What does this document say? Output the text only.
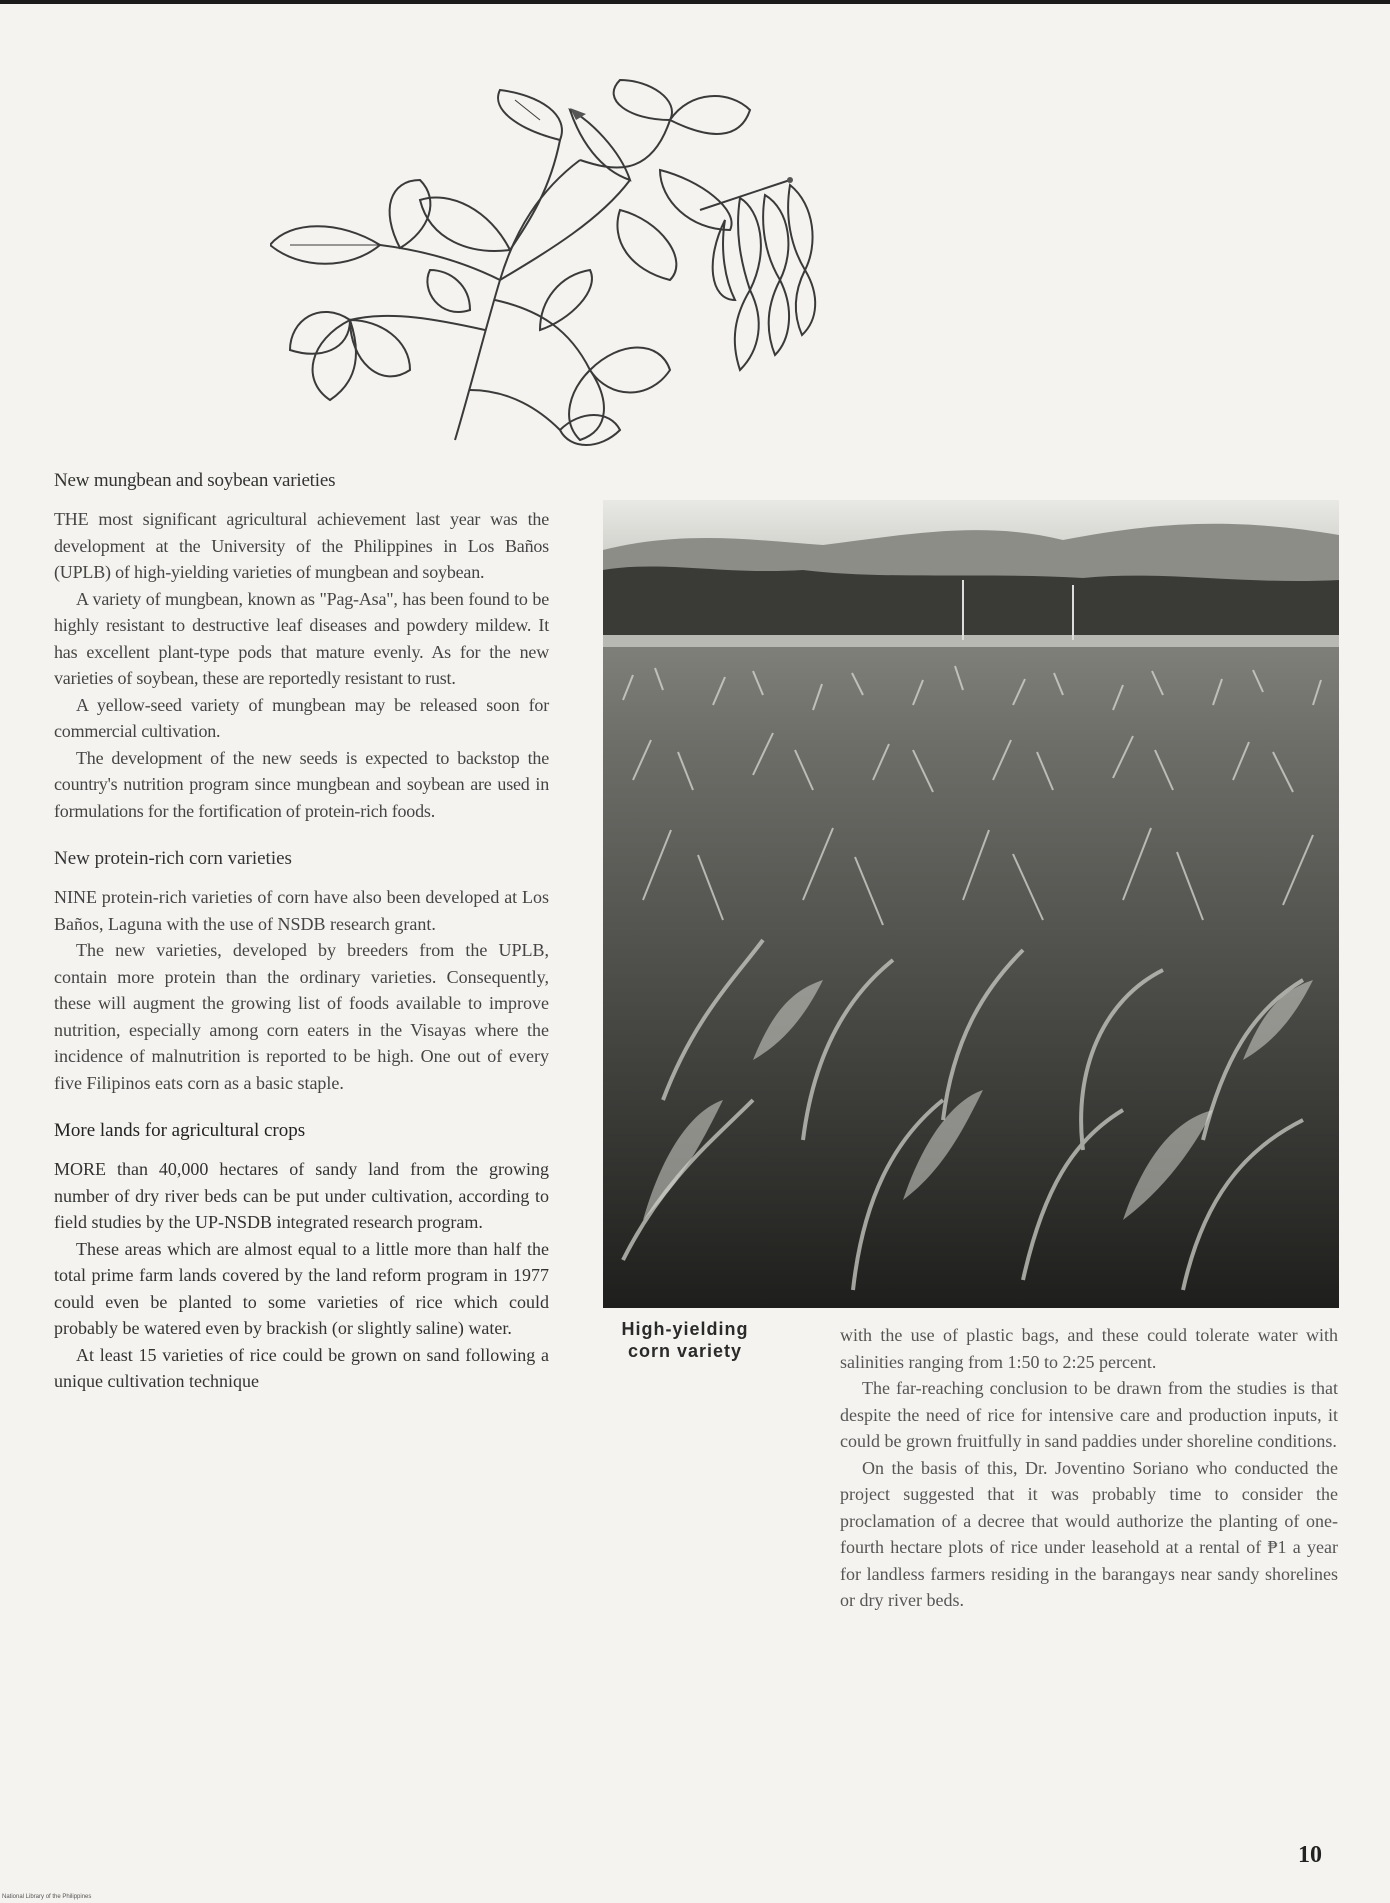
New mungbean and soybean varieties

THE most significant agricultural achievement last year was the development at the University of the Philippines in Los Baños (UPLB) of high-yielding varieties of mungbean and soybean.

A variety of mungbean, known as "Pag-Asa", has been found to be highly resistant to destructive leaf diseases and powdery mildew. It has excellent plant-type pods that mature evenly. As for the new varieties of soybean, these are reportedly resistant to rust.

A yellow-seed variety of mungbean may be released soon for commercial cultivation.

The development of the new seeds is expected to backstop the country's nutrition program since mungbean and soybean are used in formulations for the fortification of protein-rich foods.

New protein-rich corn varieties

NINE protein-rich varieties of corn have also been developed at Los Baños, Laguna with the use of NSDB research grant.

The new varieties, developed by breeders from the UPLB, contain more protein than the ordinary varieties. Consequently, these will augment the growing list of foods available to improve nutrition, especially among corn eaters in the Visayas where the incidence of malnutrition is reported to be high. One out of every five Filipinos eats corn as a basic staple.

More lands for agricultural crops

MORE than 40,000 hectares of sandy land from the growing number of dry river beds can be put under cultivation, according to field studies by the UP-NSDB integrated research program.

These areas which are almost equal to a little more than half the total prime farm lands covered by the land reform program in 1977 could even be planted to some varieties of rice which could probably be watered even by brackish (or slightly saline) water.

At least 15 varieties of rice could be grown on sand following a unique cultivation technique

High-yielding
corn variety

with the use of plastic bags, and these could tolerate water with salinities ranging from 1:50 to 2:25 percent.

The far-reaching conclusion to be drawn from the studies is that despite the need of rice for intensive care and production inputs, it could be grown fruitfully in sand paddies under shoreline conditions.

On the basis of this, Dr. Joventino Soriano who conducted the project suggested that it was probably time to consider the proclamation of a decree that would authorize the planting of one-fourth hectare plots of rice under leasehold at a rental of ₱1 a year for landless farmers residing in the barangays near sandy shorelines or dry river beds.

10
National Library of the Philippines
